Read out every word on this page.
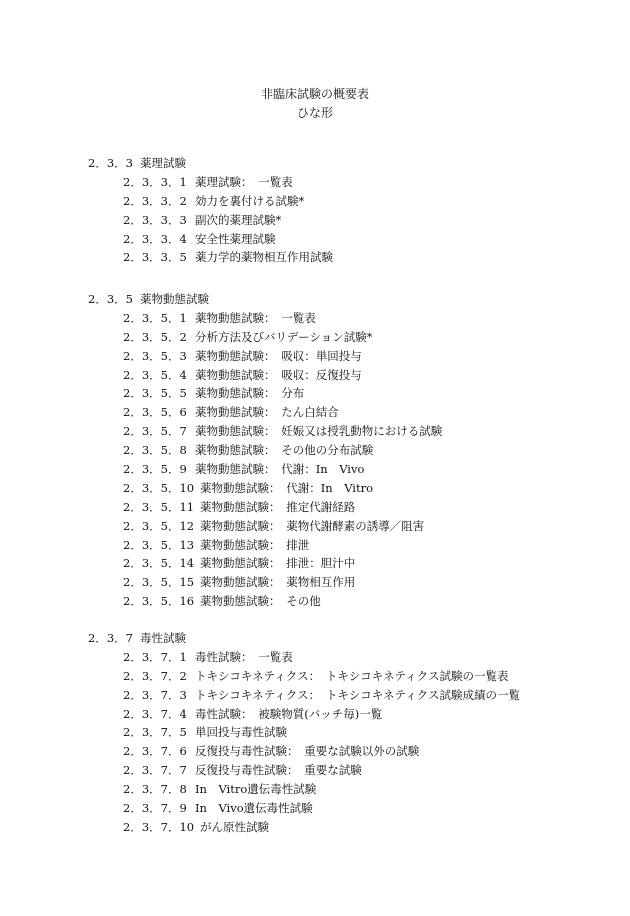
非臨床試験の概要表
ひな形
2．3．3 薬理試験
2．3．3．1 薬理試験：　一覧表
2．3．3．2 効力を裏付ける試験*
2．3．3．3 副次的薬理試験*
2．3．3．4 安全性薬理試験
2．3．3．5 薬力学的薬物相互作用試験
2．3．5 薬物動態試験
2．3．5．1 薬物動態試験：　一覧表
2．3．5．2 分析方法及びバリデーション試験*
2．3．5．3 薬物動態試験：　吸収：単回投与
2．3．5．4 薬物動態試験：　吸収：反復投与
2．3．5．5 薬物動態試験：　分布
2．3．5．6 薬物動態試験：　たん白結合
2．3．5．7 薬物動態試験：　妊娠又は授乳動物における試験
2．3．5．8 薬物動態試験：　その他の分布試験
2．3．5．9 薬物動態試験：　代謝：In　Vivo
2．3．5．10 薬物動態試験：　代謝：In　Vitro
2．3．5．11 薬物動態試験：　推定代謝経路
2．3．5．12 薬物動態試験：　薬物代謝酵素の誘導／阻害
2．3．5．13 薬物動態試験：　排泄
2．3．5．14 薬物動態試験：　排泄：胆汁中
2．3．5．15 薬物動態試験：　薬物相互作用
2．3．5．16 薬物動態試験：　その他
2．3．7 毒性試験
2．3．7．1 毒性試験：　一覧表
2．3．7．2 トキシコキネティクス：　トキシコキネティクス試験の一覧表
2．3．7．3 トキシコキネティクス：　トキシコキネティクス試験成績の一覧
2．3．7．4 毒性試験：　被験物質(バッチ毎)一覧
2．3．7．5 単回投与毒性試験
2．3．7．6 反復投与毒性試験：　重要な試験以外の試験
2．3．7．7 反復投与毒性試験：　重要な試験
2．3．7．8 In　Vitro遺伝毒性試験
2．3．7．9 In　Vivo遺伝毒性試験
2．3．7．10 がん原性試験
